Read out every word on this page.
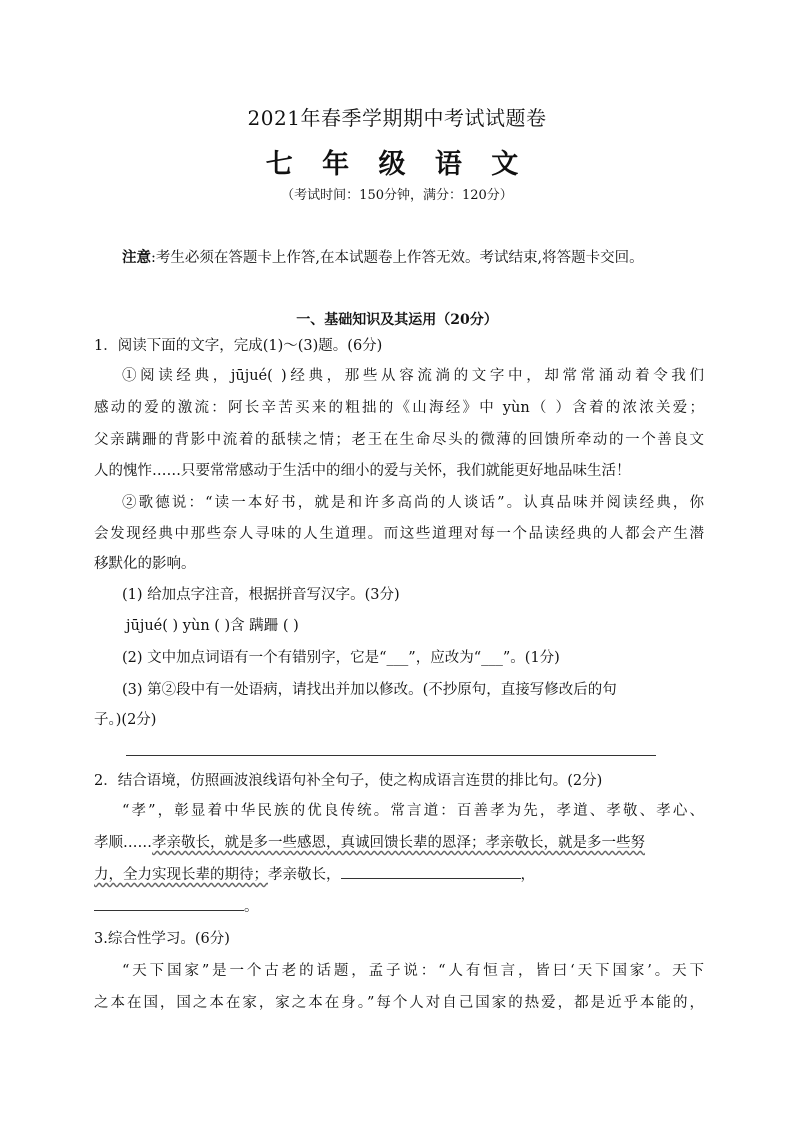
2021年春季学期期中考试试题卷
七 年 级 语 文
（考试时间：150分钟，满分：120分）
注意:考生必须在答题卡上作答,在本试题卷上作答无效。考试结束,将答题卡交回。
一、基础知识及其运用（20分）
1．阅读下面的文字，完成(1)～(3)题。(6分)
①阅读经典，jūjué( )经典，那些从容流淌的文字中，却常常涌动着令我们
感动的爱的激流：阿长辛苦买来的粗拙的《山海经》中 yùn（ ）含着的浓浓关爱；
父亲蹒跚的背影中流着的舐犊之情；老王在生命尽头的微薄的回馈所牵动的一个善良文
人的愧怍……只要常常感动于生活中的细小的爱与关怀，我们就能更好地品味生活！
②歌德说：“读一本好书，就是和许多高尚的人谈话”。认真品味并阅读经典，你
会发现经典中那些奈人寻味的人生道理。而这些道理对每一个品读经典的人都会产生潜
移默化的影响。
(1) 给加点字注音，根据拼音写汉字。(3分)
jūjué( ) yùn ( )含 蹒跚 ( )
(2) 文中加点词语有一个有错别字，它是“___”，应改为“___”。(1分)
(3) 第②段中有一处语病，请找出并加以修改。(不抄原句，直接写修改后的句
子。)(2分)
2．结合语境，仿照画波浪线语句补全句子，使之构成语言连贯的排比句。(2分)
“孝”，彰显着中华民族的优良传统。常言道：百善孝为先，孝道、孝敬、孝心、
孝顺……孝亲敬长，就是多一些感恩，真诚回馈长辈的恩泽；孝亲敬长，就是多一些努
力，全力实现长辈的期待；孝亲敬长，	，
。
3.综合性学习。(6分)
“天下国家”是一个古老的话题，孟子说：“人有恒言，皆曰‘天下国家’。天下
之本在国，国之本在家，家之本在身。”每个人对自己国家的热爱，都是近乎本能的，
